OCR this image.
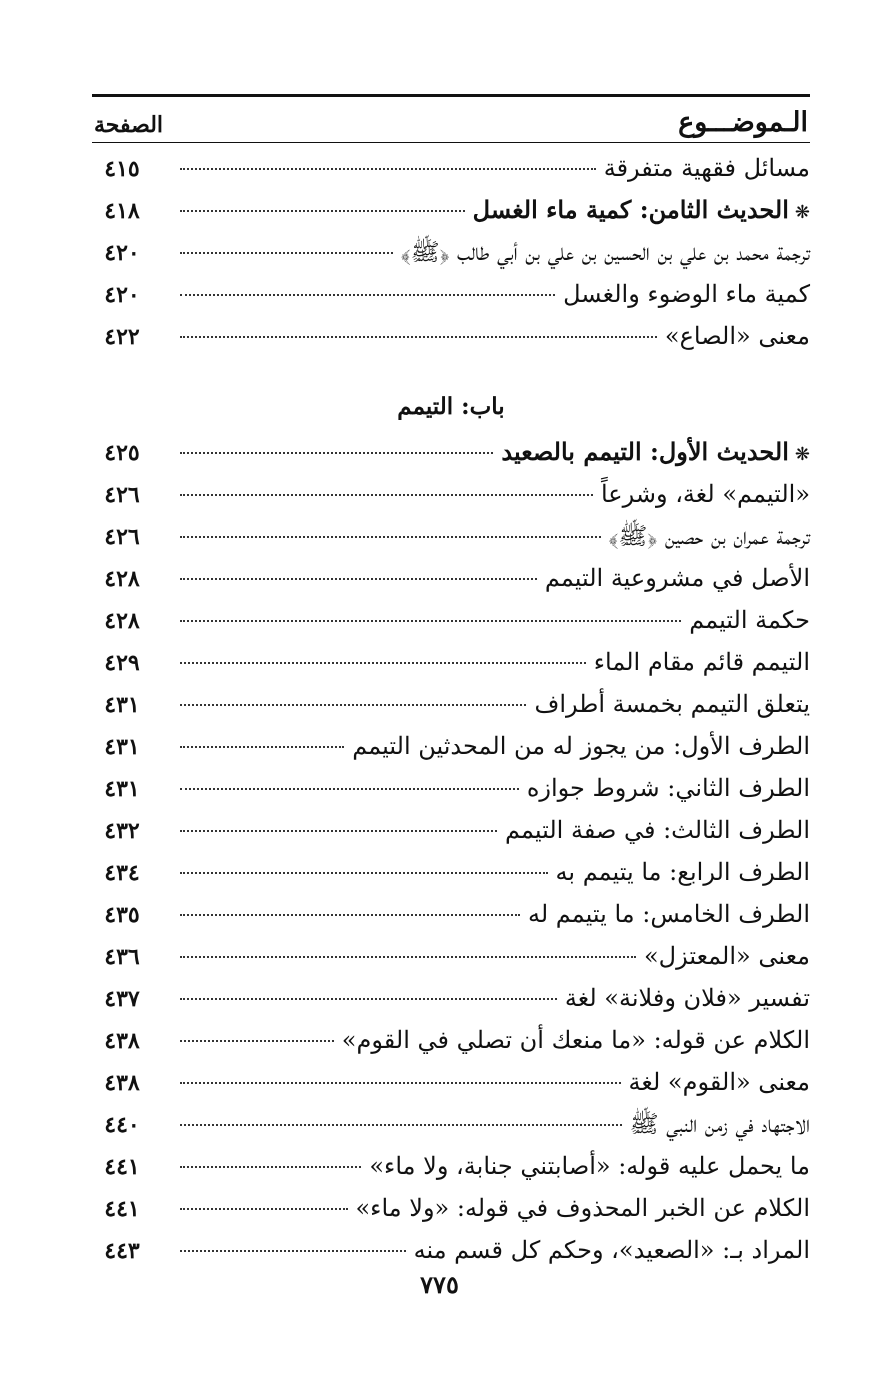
الـموضـــوع
الصفحة
مسائل فقهية متفرقة
٤١٥
❋
الحديث الثامن: كمية ماء الغسل
٤١٨
ترجمة محمد بن علي بن الحسين بن علي بن أبي طالب ﴿ﷺ﴾
٤٢٠
كمية ماء الوضوء والغسل
٤٢٠
معنى «الصاع»
٤٢٢
باب: التيمم
❋
الحديث الأول: التيمم بالصعيد
٤٢٥
«التيمم» لغة، وشرعاً
٤٢٦
ترجمة عمران بن حصين ﴿ﷺ﴾
٤٢٦
الأصل في مشروعية التيمم
٤٢٨
حكمة التيمم
٤٢٨
التيمم قائم مقام الماء
٤٢٩
يتعلق التيمم بخمسة أطراف
٤٣١
الطرف الأول: من يجوز له من المحدثين التيمم
٤٣١
الطرف الثاني: شروط جوازه
٤٣١
الطرف الثالث: في صفة التيمم
٤٣٢
الطرف الرابع: ما يتيمم به
٤٣٤
الطرف الخامس: ما يتيمم له
٤٣٥
معنى «المعتزل»
٤٣٦
تفسير «فلان وفلانة» لغة
٤٣٧
الكلام عن قوله: «ما منعك أن تصلي في القوم»
٤٣٨
معنى «القوم» لغة
٤٣٨
الاجتهاد في زمن النبي ﷺ
٤٤٠
ما يحمل عليه قوله: «أصابتني جنابة، ولا ماء»
٤٤١
الكلام عن الخبر المحذوف في قوله: «ولا ماء»
٤٤١
المراد بـ: «الصعيد»، وحكم كل قسم منه
٤٤٣
٧٧٥
